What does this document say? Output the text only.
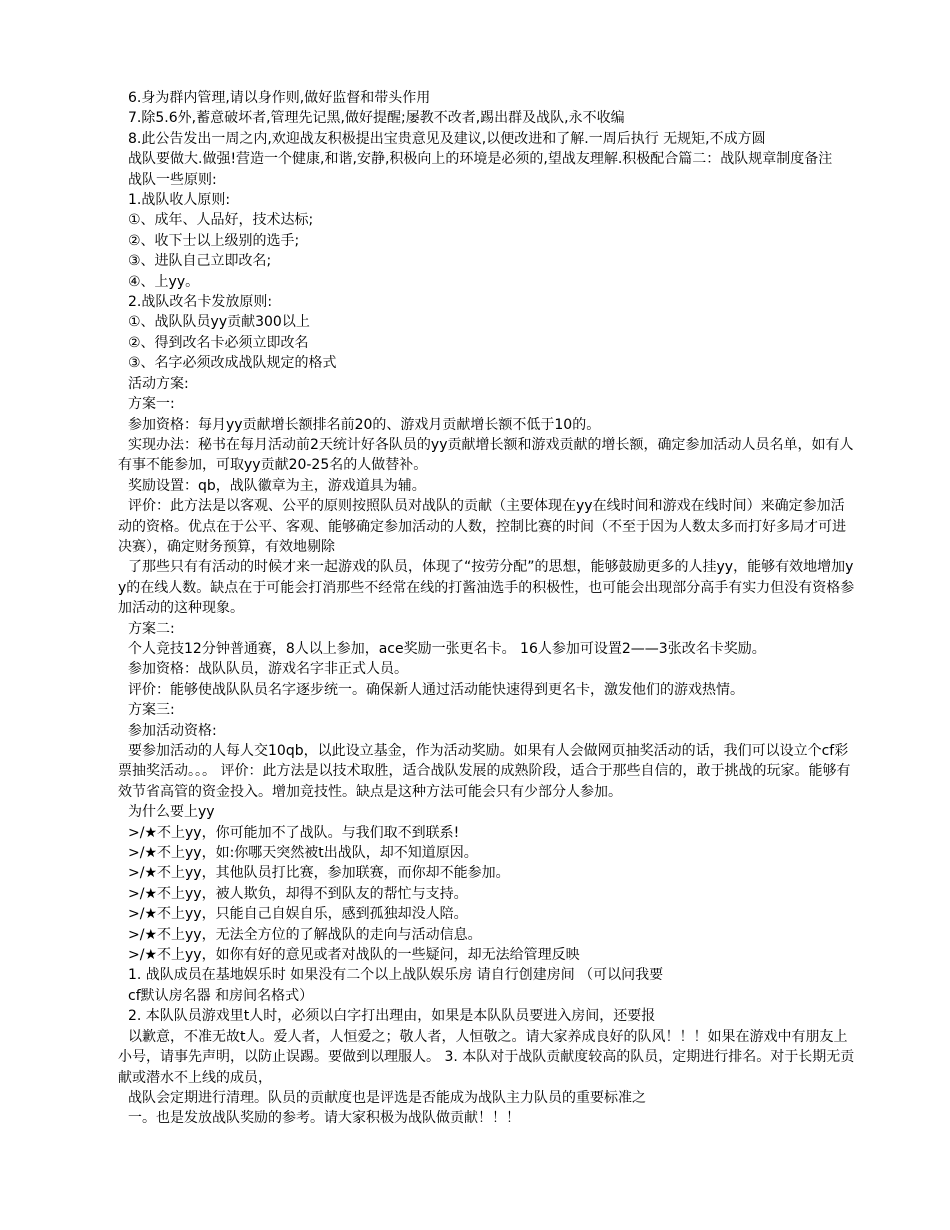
6.身为群内管理,请以身作则,做好监督和带头作用

7.除5.6外,蓄意破坏者,管理先记黑,做好提醒;屡教不改者,踢出群及战队,永不收编

8.此公告发出一周之内,欢迎战友积极提出宝贵意见及建议,以便改进和了解.一周后执行 无规矩,不成方圆

战队要做大.做强!营造一个健康,和谐,安静,积极向上的环境是必须的,望战友理解.积极配合篇二：战队规章制度备注

战队一些原则:

1.战队收人原则:

①、成年、人品好，技术达标;

②、收下士以上级别的选手;

③、进队自己立即改名;

④、上yy。

2.战队改名卡发放原则:

①、战队队员yy贡献300以上

②、得到改名卡必须立即改名

③、名字必须改成战队规定的格式

活动方案:

方案一:

参加资格：每月yy贡献增长额排名前20的、游戏月贡献增长额不低于10的。

实现办法：秘书在每月活动前2天统计好各队员的yy贡献增长额和游戏贡献的增长额，确定参加活动人员名单，如有人有事不能参加，可取yy贡献20-25名的人做替补。

奖励设置：qb，战队徽章为主，游戏道具为辅。

评价：此方法是以客观、公平的原则按照队员对战队的贡献（主要体现在yy在线时间和游戏在线时间）来确定参加活动的资格。优点在于公平、客观、能够确定参加活动的人数，控制比赛的时间（不至于因为人数太多而打好多局才可进决赛），确定财务预算，有效地剔除

了那些只有有活动的时候才来一起游戏的队员，体现了“按劳分配”的思想，能够鼓励更多的人挂yy，能够有效地增加yy的在线人数。缺点在于可能会打消那些不经常在线的打酱油选手的积极性，也可能会出现部分高手有实力但没有资格参加活动的这种现象。

方案二:

个人竞技12分钟普通赛，8人以上参加，ace奖励一张更名卡。 16人参加可设置2——3张改名卡奖励。

参加资格：战队队员，游戏名字非正式人员。

评价：能够使战队队员名字逐步统一。确保新人通过活动能快速得到更名卡，激发他们的游戏热情。

方案三:

参加活动资格:

要参加活动的人每人交10qb，以此设立基金，作为活动奖励。如果有人会做网页抽奖活动的话，我们可以设立个cf彩票抽奖活动。。。 评价：此方法是以技术取胜，适合战队发展的成熟阶段，适合于那些自信的，敢于挑战的玩家。能够有效节省高管的资金投入。增加竞技性。缺点是这种方法可能会只有少部分人参加。

为什么要上yy

>/★不上yy，你可能加不了战队。与我们取不到联系!

>/★不上yy，如:你哪天突然被t出战队，却不知道原因。

>/★不上yy，其他队员打比赛，参加联赛，而你却不能参加。

>/★不上yy，被人欺负，却得不到队友的帮忙与支持。

>/★不上yy，只能自己自娱自乐，感到孤独却没人陪。

>/★不上yy，无法全方位的了解战队的走向与活动信息。

>/★不上yy，如你有好的意见或者对战队的一些疑问，却无法给管理反映

1. 战队成员在基地娱乐时 如果没有二个以上战队娱乐房 请自行创建房间 （可以问我要

cf默认房名器 和房间名格式）

2. 本队队员游戏里t人时，必须以白字打出理由，如果是本队队员要进入房间，还要报

以歉意，不准无故t人。爱人者，人恒爱之；敬人者，人恒敬之。请大家养成良好的队风！！！如果在游戏中有朋友上小号，请事先声明，以防止误踢。要做到以理服人。 3. 本队对于战队贡献度较高的队员，定期进行排名。对于长期无贡献或潜水不上线的成员，

战队会定期进行清理。队员的贡献度也是评选是否能成为战队主力队员的重要标准之

一。也是发放战队奖励的参考。请大家积极为战队做贡献！！！
